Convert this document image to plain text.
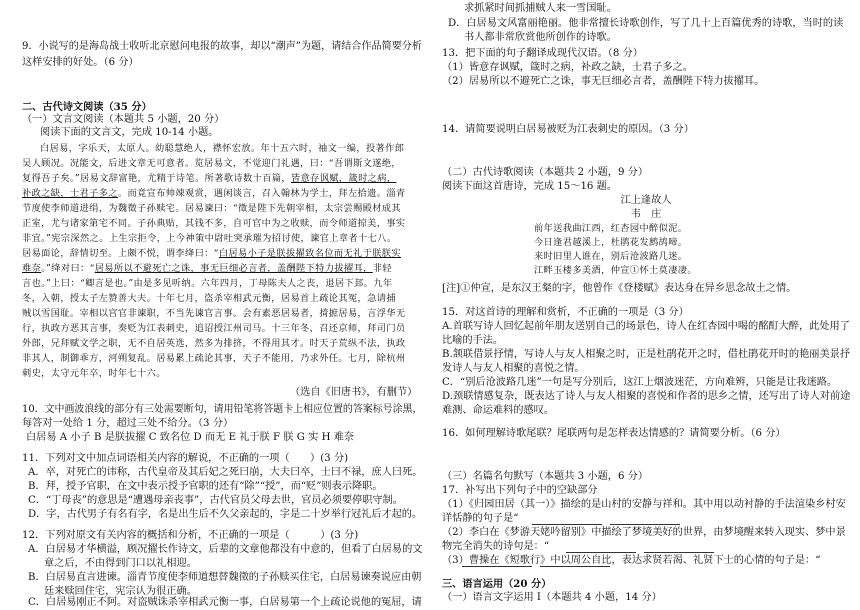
9．小说写的是海岛战士收听北京慰问电报的故事，却以“潮声”为题，请结合作品简要分析
这样安排的好处。（6 分）
二、古代诗文阅读（35 分）
（一）文言文阅读（本题共 5 小题，20 分）
阅读下面的文言文，完成 10-14 小题。
白居易，字乐天，太原人。幼聪慧绝人，襟怀宏放。年十五六时，袖文一编，投著作郎
吴人顾况。况能文，后进文章无可意者。览居易文，不觉迎门礼遇，曰：“吾谓斯文遂绝，
复得吾子矣。”居易文辞富艳，尤精于诗笔。所著歌诗数十百篇，皆意存讽赋，箴时之病，
补政之缺，士君子多之。而竟宣布帅竦观赏，遇闲谈言，召入翰林为学士，拜左拾遗。淄青
节度使李师道进绢，为魏徵子孙赎宅。居易谏曰：“徵是陛下先朝宰相，太宗尝赐殿材成其
正室，尤与诸家第宅不同。子孙典贴，其钱不多，自可官中为之收赎，而令师道掠美，事实
非宜。”宪宗深然之。上生宗拒令，上今神策中尉吐突承璀为招讨使，谏官上章者十七八。
居易面论，辞情切至。上颇不悦，谓李绛曰：“白居易小子是朕拔擢致名位而无礼于朕朕实
难奈。”绛对曰：“居易所以不避死亡之诛，事无巨细必言者，盖酬陛下特力拔擢耳，非轻
言也。”上曰：“卿言是也。”由是多见听纳。六年四月，丁母陈夫人之丧，退居下邽。九年
冬，入朝，授太子左赞善大夫。十年七月，盗杀宰相武元衡，居易首上疏论其冤，急请捕
贼以雪国耻。宰相以宫官非谏职，不当先谏官言事。会有素恶居易者，掎摭居易，言浮华无
行，执政方恶其言事，奏贬为江表刺史，追诏授江州司马。十三年冬，召还京师，拜司门员
外郎，兄拜赋文学之职，无不自居英选，然多为排挤，不得用其才。时天子荒纵不法，执政
非其人，制御乖方，河朔复乱。居易累上疏论其事，天子不能用，乃求外任。七月，除杭州
刺史，太守元年卒，时年七十六。
（选自《旧唐书》，有删节）
10．文中画波浪线的部分有三处需要断句，请用铅笔将答题卡上相应位置的答案标号涂黑，
每答对一处给 1 分，超过三处不给分。（3 分）
白居易 A 小子 B 是朕拔擢 C 致名位 D 而无 E 礼于朕 F 朕 G 实 H 难奈
11．下列对文中加点词语相关内容的解说，不正确的一项（　　）(3 分)
A．卒，对死亡的讳称，古代皇帝及其后妃之死曰崩，大夫曰卒，士曰不禄，庶人曰死。
B．拜，授予官职，在文中表示授予官职的还有“除”“授”，而“贬”则表示降职。
C．“丁母丧”的意思是“遭遇母亲丧事”，古代官员父母去世，官员必须要停职守制。
D．字，古代男子有名有字，名是出生后不久父亲起的，字是二十岁举行冠礼后才起的。
12．下列对原文有关内容的概括和分析，不正确的一项是（　　　）(3 分)
A．白居易才华横溢，顾况擢长作诗文，后辈的文章他都没有中意的，但看了白居易的文
章之后，不由得到门口以礼相迎。
B．白居易直言进谏。淄青节度使李师道想替魏徵的子孙赎买住宅，白居易谏奏说应由朝
廷来赎回住宅，宪宗认为很正确。
C．白居易刚正不阿。对盗贼诛杀宰相武元衡一事，白居易第一个上疏论说他的冤屈，请
求抓紧时间抓捕贼人来一雪国耻。
D．白居易文风富丽艳丽。他非常擅长诗歌创作，写了几十上百篇优秀的诗歌，当时的读
书人都非常欣赏他所创作的诗歌。
13．把下面的句子翻译成现代汉语。（8 分）
（1）皆意存讽赋，箴时之病，补政之缺，士君子多之。
（2）居易所以不避死亡之诛，事无巨细必言者，盖酬陛下特力拔擢耳。
14．请简要说明白居易被贬为江表刺史的原因。（3 分）
（二）古代诗歌阅读（本题共 2 小题，9 分）
阅读下面这首唐诗，完成 15～16 题。
江上逢故人
韦　庄
前年送我曲江西，红杏园中醉似泥。
今日逢君越溪上，杜鹃花发鹧鸪啼。
来时旧里人谁在，别后沧波路几迷。
江畔玉楼多美酒，仲宣①怀土莫凄凄。
[注]①仲宣，是东汉王粲的字，他曾作《登楼赋》表达身在异乡思念故土之情。
15．对这首诗的理解和赏析，不正确的一项是（3 分）
A.首联写诗人回忆起前年朋友送别自己的场景色，诗人在红杏园中喝的酩酊大醉，此处用了
比喻的手法。
B.颔联借景抒情，写诗人与友人相聚之时，正是杜鹃花开之时，借杜鹃花开时的艳丽美景抒
发诗人与友人相聚的喜悦之情。
C．“别后沧波路几迷”一句是写分别后，这江上烟波迷茫，方向难辨，只能是让我迷路。
D.颈联情感复杂，既表达了诗人与友人相聚的喜悦和作者的思乡之情，还写出了诗人对前途
难测、命运难料的感叹。
16．如何理解诗歌尾联？尾联两句是怎样表达情感的？请简要分析。（6 分）
（三）名篇名句默写（本题共 3 小题，6 分）
17．补写出下列句子中的空缺部分
（1）《归园田居（其一）》描绘的是山村的安静与祥和。其中用以动衬静的手法渲染乡村安
详恬静的句子是“
（2）李白在《梦游天姥吟留别》中描绘了梦境美好的世界，由梦境醒来转入现实、梦中景
物完全消失的诗句是：“
（3）曹操在《短歌行》中以周公自比，表达求贤若渴、礼贤下士的心情的句子是：“
三、语言运用（20 分）
（一）语言文字运用 Ⅰ（本题共 4 小题，14 分）
